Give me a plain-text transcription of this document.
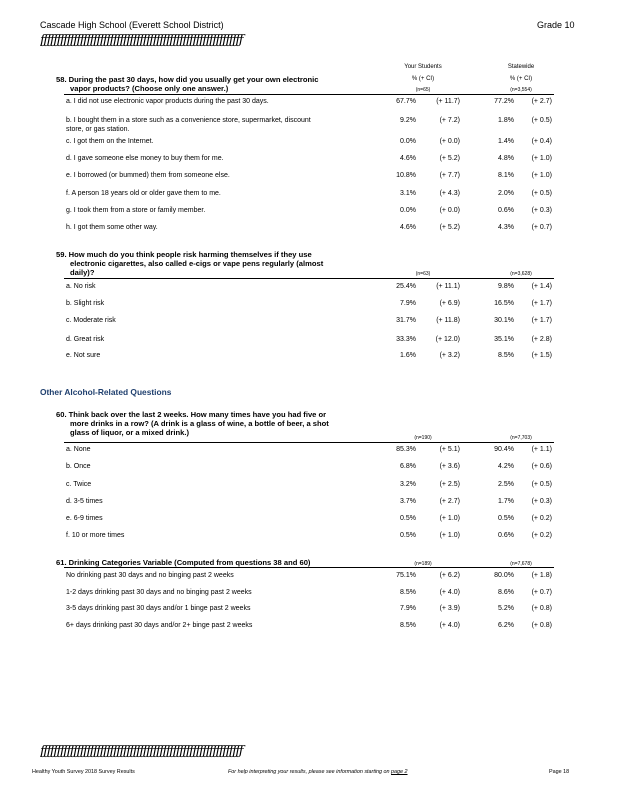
Cascade High School (Everett School District)	Grade 10
ƒƒƒƒƒƒƒƒƒƒƒƒƒƒƒƒƒƒƒƒƒƒƒƒƒƒƒƒƒƒƒƒƒƒƒƒƒƒƒƒƒƒƒƒƒƒƒƒƒƒƒƒƒƒƒƒƒƒƒƒƒ
Your Students	Statewide
% (+ CI)	% (+ CI)
58. During the past 30 days, how did you usually get your own electronic
vapor products? (Choose only one answer.)	(n=65)	(n=3,554)
a. I did not use electronic vapor products during the past 30 days.	67.7%	(+ 11.7)	77.2%	(+ 2.7)
b. I bought them in a store such as a convenience store, supermarket, discount
store, or gas station.
9.2%	(+ 7.2)	1.8%	(+ 0.5)
c. I got them on the Internet.	0.0%	(+ 0.0)	1.4%	(+ 0.4)
d. I gave someone else money to buy them for me.	4.6%	(+ 5.2)	4.8%	(+ 1.0)
e. I borrowed (or bummed) them from someone else.	10.8%	(+ 7.7)	8.1%	(+ 1.0)
f. A person 18 years old or older gave them to me.	3.1%	(+ 4.3)	2.0%	(+ 0.5)
g. I took them from a store or family member.	0.0%	(+ 0.0)	0.6%	(+ 0.3)
h. I got them some other way.	4.6%	(+ 5.2)	4.3%	(+ 0.7)
59. How much do you think people risk harming themselves if they use
electronic cigarettes, also called e-cigs or vape pens regularly (almost
daily)?	(n=63)	(n=3,628)
a. No risk	25.4%	(+ 11.1)	9.8%	(+ 1.4)
b. Slight risk	7.9%	(+ 6.9)	16.5%	(+ 1.7)
c. Moderate risk	31.7%	(+ 11.8)	30.1%	(+ 1.7)
d. Great risk	33.3%	(+ 12.0)	35.1%	(+ 2.8)
e. Not sure	1.6%	(+ 3.2)	8.5%	(+ 1.5)
Other Alcohol-Related Questions
60. Think back over the last 2 weeks. How many times have you had five or
more drinks in a row? (A drink is a glass of wine, a bottle of beer, a shot
glass of liquor, or a mixed drink.)
(n=190)	(n=7,703)
a. None	85.3%	(+ 5.1)	90.4%	(+ 1.1)
b. Once	6.8%	(+ 3.6)	4.2%	(+ 0.6)
c. Twice	3.2%	(+ 2.5)	2.5%	(+ 0.5)
d. 3-5 times	3.7%	(+ 2.7)	1.7%	(+ 0.3)
e. 6-9 times	0.5%	(+ 1.0)	0.5%	(+ 0.2)
f. 10 or more times	0.5%	(+ 1.0)	0.6%	(+ 0.2)
61. Drinking Categories Variable (Computed from questions 38 and 60)	(n=189)	(n=7,678)
No drinking past 30 days and no binging past 2 weeks	75.1%	(+ 6.2)	80.0%	(+ 1.8)
1-2 days drinking past 30 days and no binging past 2 weeks	8.5%	(+ 4.0)	8.6%	(+ 0.7)
3-5 days drinking past 30 days and/or 1 binge past 2 weeks	7.9%	(+ 3.9)	5.2%	(+ 0.8)
6+ days drinking past 30 days and/or 2+ binge past 2 weeks	8.5%	(+ 4.0)	6.2%	(+ 0.8)
ƒƒƒƒƒƒƒƒƒƒƒƒƒƒƒƒƒƒƒƒƒƒƒƒƒƒƒƒƒƒƒƒƒƒƒƒƒƒƒƒƒƒƒƒƒƒƒƒƒƒƒƒƒƒƒƒƒƒƒƒƒ
Healthy Youth Survey 2018 Survey Results	For help interpreting your results, please see information starting on page 2	Page 18
